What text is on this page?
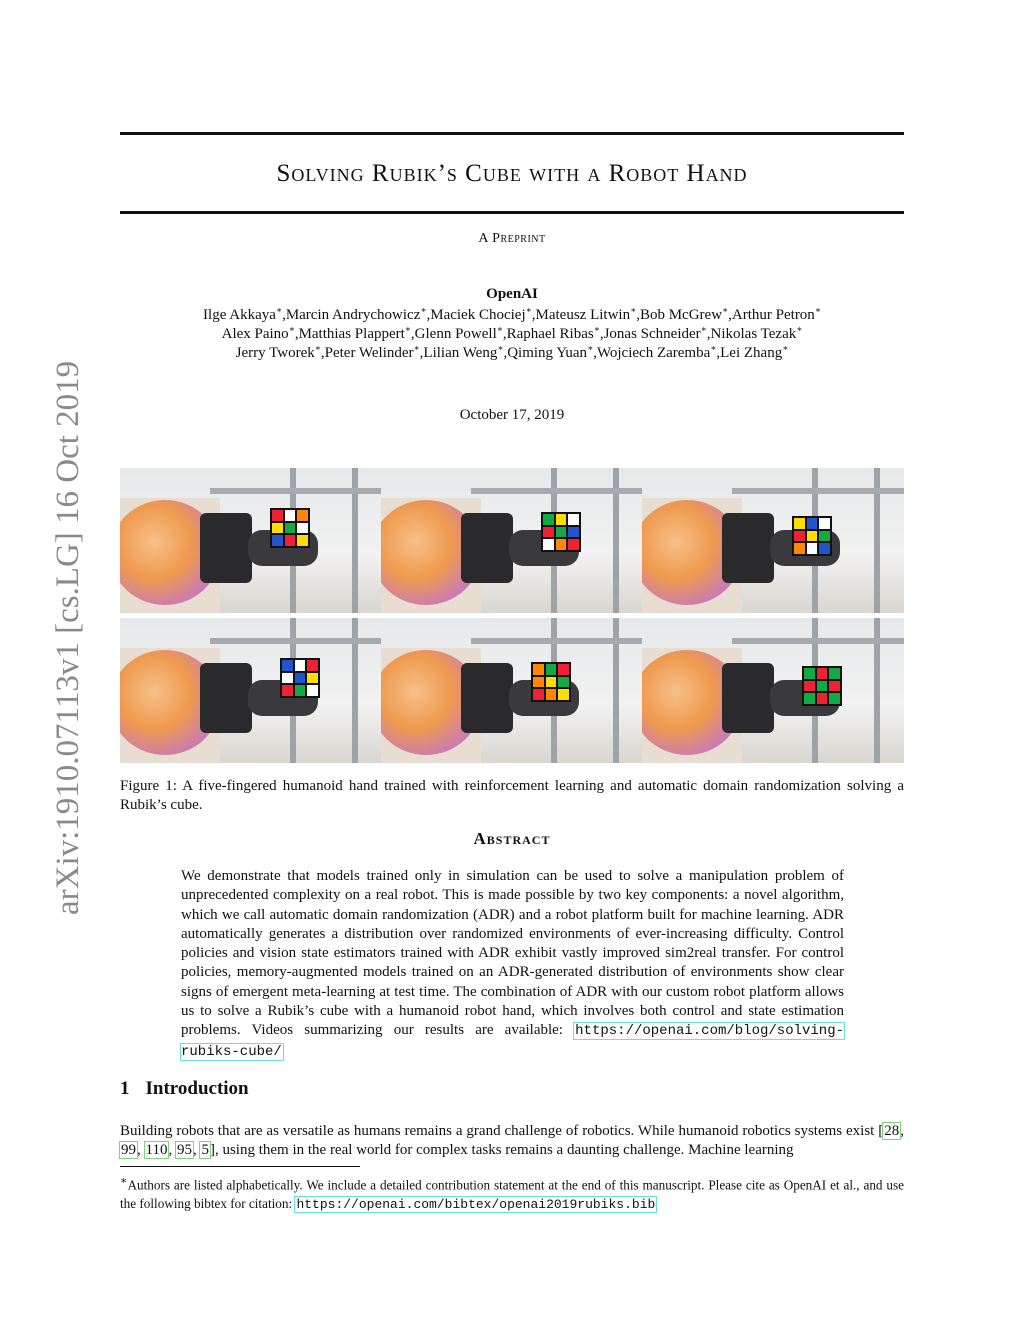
arXiv:1910.07113v1 [cs.LG] 16 Oct 2019
Solving Rubik’s Cube with a Robot Hand
A Preprint
OpenAI
Ilge Akkaya∗,Marcin Andrychowicz∗,Maciek Chociej∗,Mateusz Litwin∗,Bob McGrew∗,Arthur Petron∗
Alex Paino∗,Matthias Plappert∗,Glenn Powell∗,Raphael Ribas∗,Jonas Schneider∗,Nikolas Tezak∗
Jerry Tworek∗,Peter Welinder∗,Lilian Weng∗,Qiming Yuan∗,Wojciech Zaremba∗,Lei Zhang∗
October 17, 2019
Figure 1: A five-fingered humanoid hand trained with reinforcement learning and automatic domain randomization solving a Rubik’s cube.
Abstract

We demonstrate that models trained only in simulation can be used to solve a manipulation problem of unprecedented complexity on a real robot. This is made possible by two key components: a novel algorithm, which we call automatic domain randomization (ADR) and a robot platform built for machine learning. ADR automatically generates a distribution over randomized environments of ever-increasing difficulty. Control policies and vision state estimators trained with ADR exhibit vastly improved sim2real transfer. For control policies, memory-augmented models trained on an ADR-generated distribution of environments show clear signs of emergent meta-learning at test time. The combination of ADR with our custom robot platform allows us to solve a Rubik’s cube with a humanoid robot hand, which involves both control and state estimation problems. Videos summarizing our results are available: https://openai.com/blog/solving-rubiks-cube/

1 Introduction

Building robots that are as versatile as humans remains a grand challenge of robotics. While humanoid robotics systems exist [28, 99, 110, 95, 5], using them in the real world for complex tasks remains a daunting challenge. Machine learning

∗Authors are listed alphabetically. We include a detailed contribution statement at the end of this manuscript. Please cite as OpenAI et al., and use the following bibtex for citation: https://openai.com/bibtex/openai2019rubiks.bib
